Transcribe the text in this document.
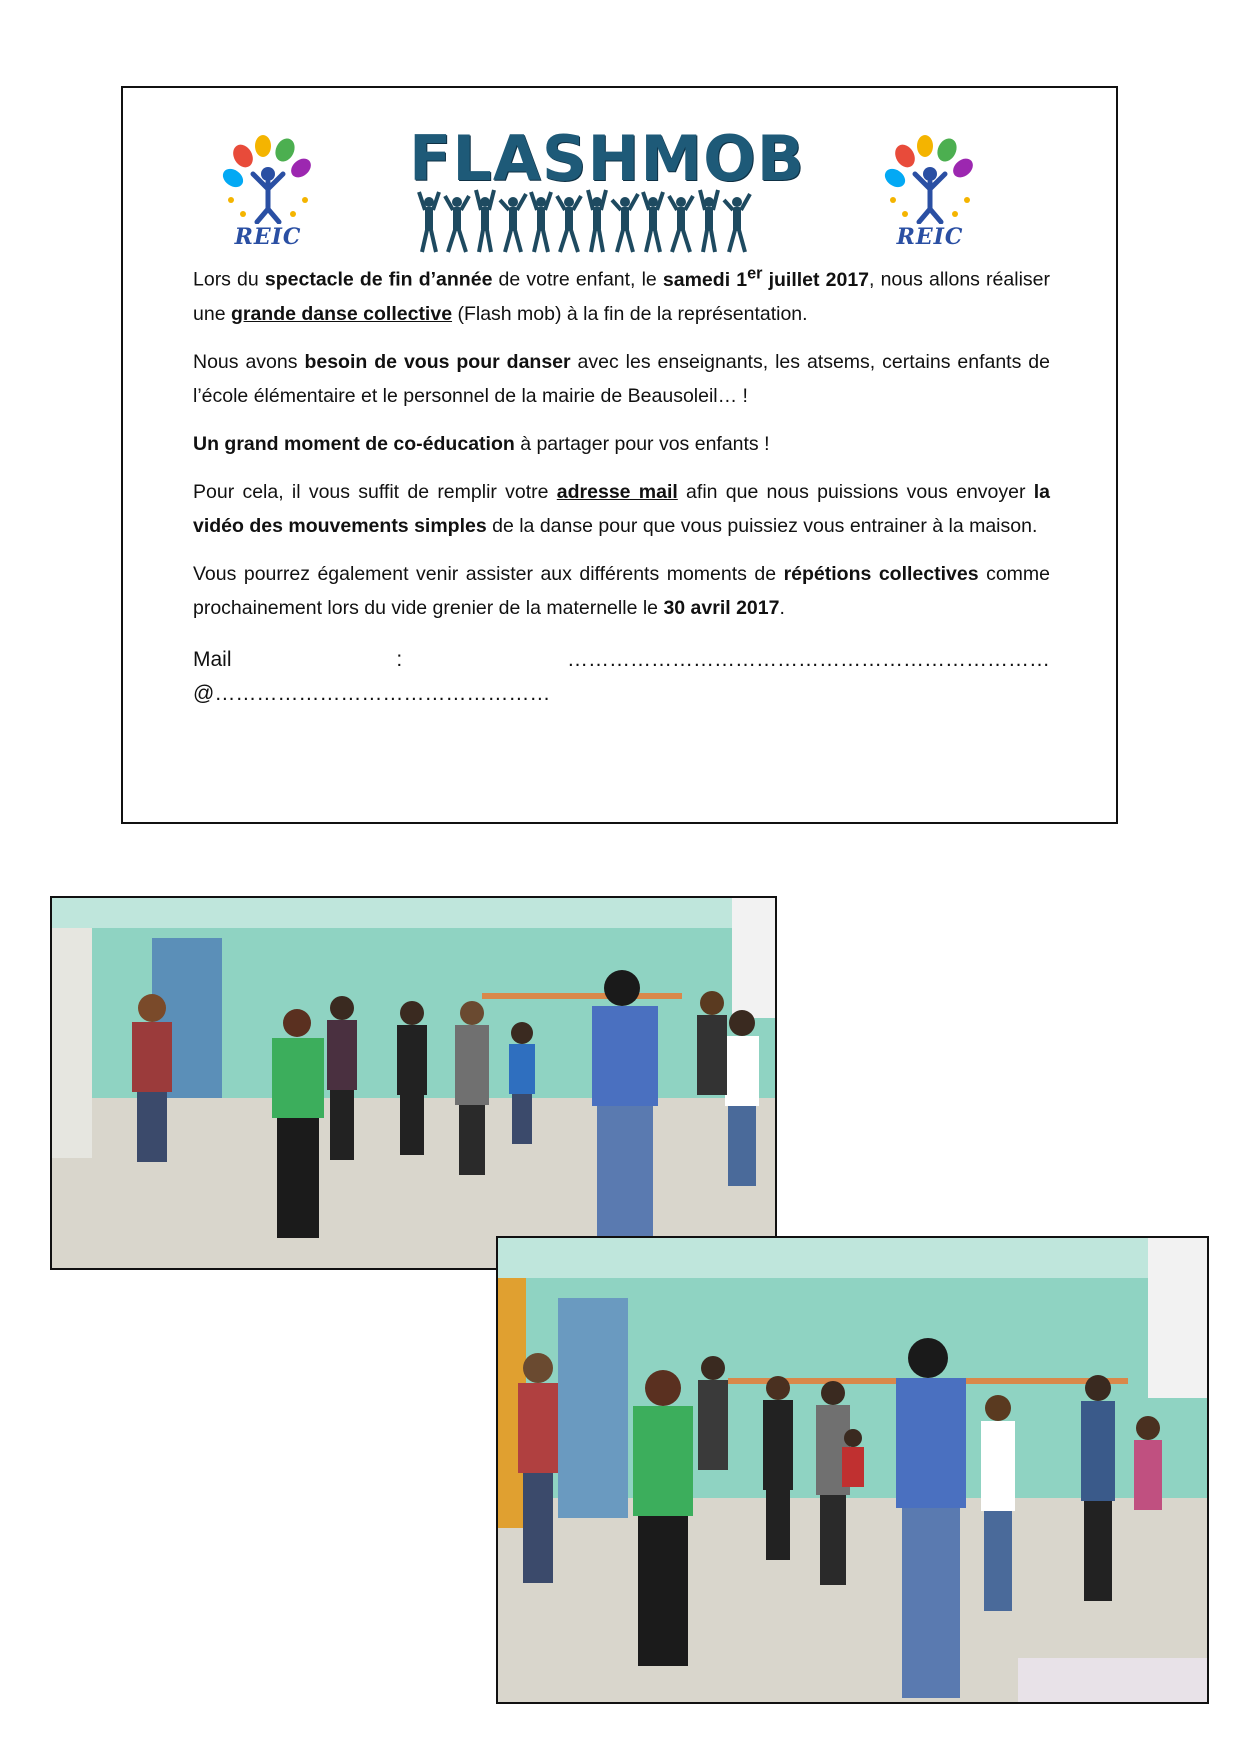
REIC
FLASHMOB
REIC

Lors du spectacle de fin d’année de votre enfant, le samedi 1er juillet 2017, nous allons réaliser une grande danse collective (Flash mob) à la fin de la représentation.

Nous avons besoin de vous pour danser avec les enseignants, les atsems, certains enfants de l’école élémentaire et le personnel de la mairie de Beausoleil… !

Un grand moment de co-éducation à partager pour vos enfants !

Pour cela, il vous suffit de remplir votre adresse mail afin que nous puissions vous envoyer la vidéo des mouvements simples de la danse pour que vous puissiez vous entrainer à la maison.

Vous pourrez également venir assister aux différents moments de répétions collectives comme prochainement lors du vide grenier de la maternelle le 30 avril 2017.

Mail : ……………………………………………………………@…………………………………………
